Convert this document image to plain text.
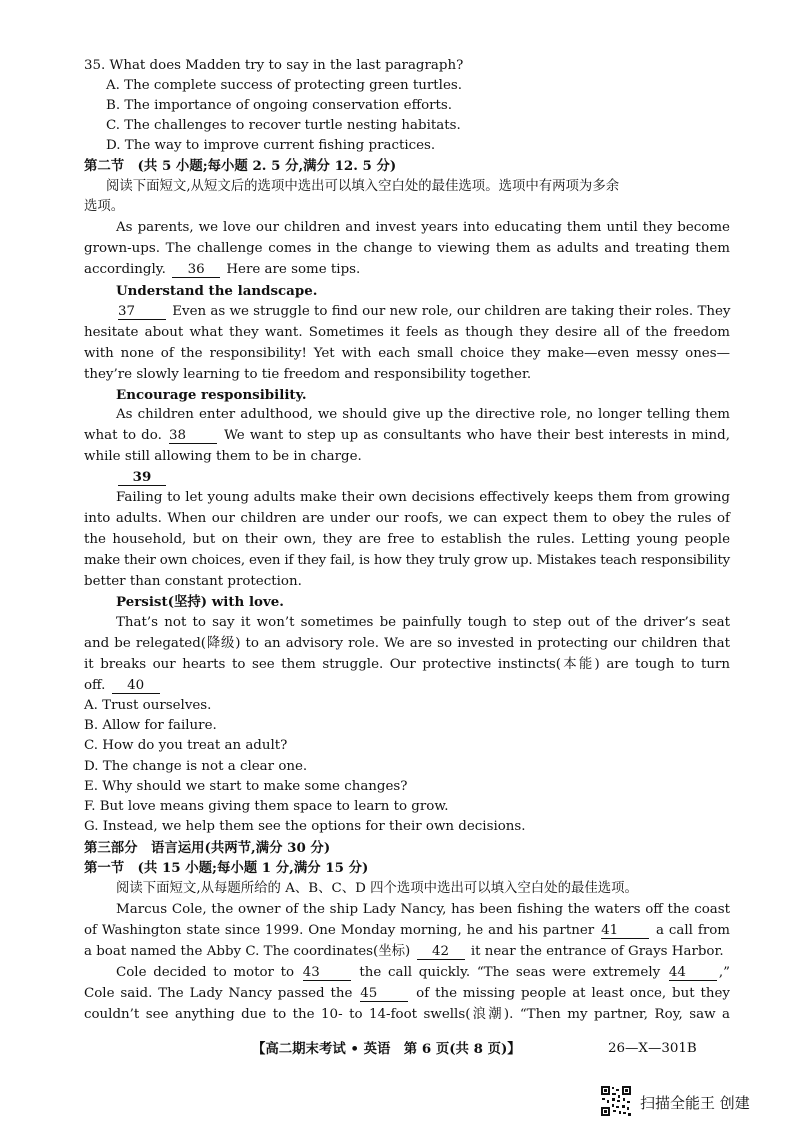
35. What does Madden try to say in the last paragraph?
A. The complete success of protecting green turtles.
B. The importance of ongoing conservation efforts.
C. The challenges to recover turtle nesting habitats.
D. The way to improve current fishing practices.
第二节　(共 5 小题;每小题 2. 5 分,满分 12. 5 分)
阅读下面短文,从短文后的选项中选出可以填入空白处的最佳选项。选项中有两项为多余
选项。
As parents, we love our children and invest years into educating them until they become
grown-ups. The challenge comes in the change to viewing them as adults and treating them
accordingly. 36 Here are some tips.
Understand the landscape.
37	Even as we struggle to find our new role, our children are taking their roles. They
hesitate about what they want. Sometimes it feels as though they desire all of the freedom
with none of the responsibility! Yet with each small choice they make—even messy ones—
they’re slowly learning to tie freedom and responsibility together.
Encourage responsibility.
As children enter adulthood, we should give up the directive role, no longer telling them
what to do. 38	We want to step up as consultants who have their best interests in mind,
while still allowing them to be in charge.
39
Failing to let young adults make their own decisions effectively keeps them from growing
into adults. When our children are under our roofs, we can expect them to obey the rules of
the household, but on their own, they are free to establish the rules. Letting young people
make their own choices, even if they fail, is how they truly grow up. Mistakes teach responsibility
better than constant protection.
Persist(坚持) with love.
That’s not to say it won’t sometimes be painfully tough to step out of the driver’s seat
and be relegated(降级) to an advisory role. We are so invested in protecting our children that
it breaks our hearts to see them struggle. Our protective instincts(本能) are tough to turn
off. 40
A. Trust ourselves.
B. Allow for failure.
C. How do you treat an adult?
D. The change is not a clear one.
E. Why should we start to make some changes?
F. But love means giving them space to learn to grow.
G. Instead, we help them see the options for their own decisions.
第三部分　语言运用(共两节,满分 30 分)
第一节　(共 15 小题;每小题 1 分,满分 15 分)
阅读下面短文,从每题所给的 A、B、C、D 四个选项中选出可以填入空白处的最佳选项。
Marcus Cole, the owner of the ship Lady Nancy, has been fishing the waters off the coast
of Washington state since 1999. One Monday morning, he and his partner 41	a call from
a boat named the Abby C. The coordinates(坐标) 42 it near the entrance of Grays Harbor.
Cole decided to motor to 43	the call quickly. “The seas were extremely 44 ,”
Cole said. The Lady Nancy passed the 45	of the missing people at least once, but they
couldn’t see anything due to the 10- to 14-foot swells(浪潮). “Then my partner, Roy, saw a
【高二期末考试 • 英语　第 6 页(共 8 页)】	26—X—301B
扫描全能王 创建
